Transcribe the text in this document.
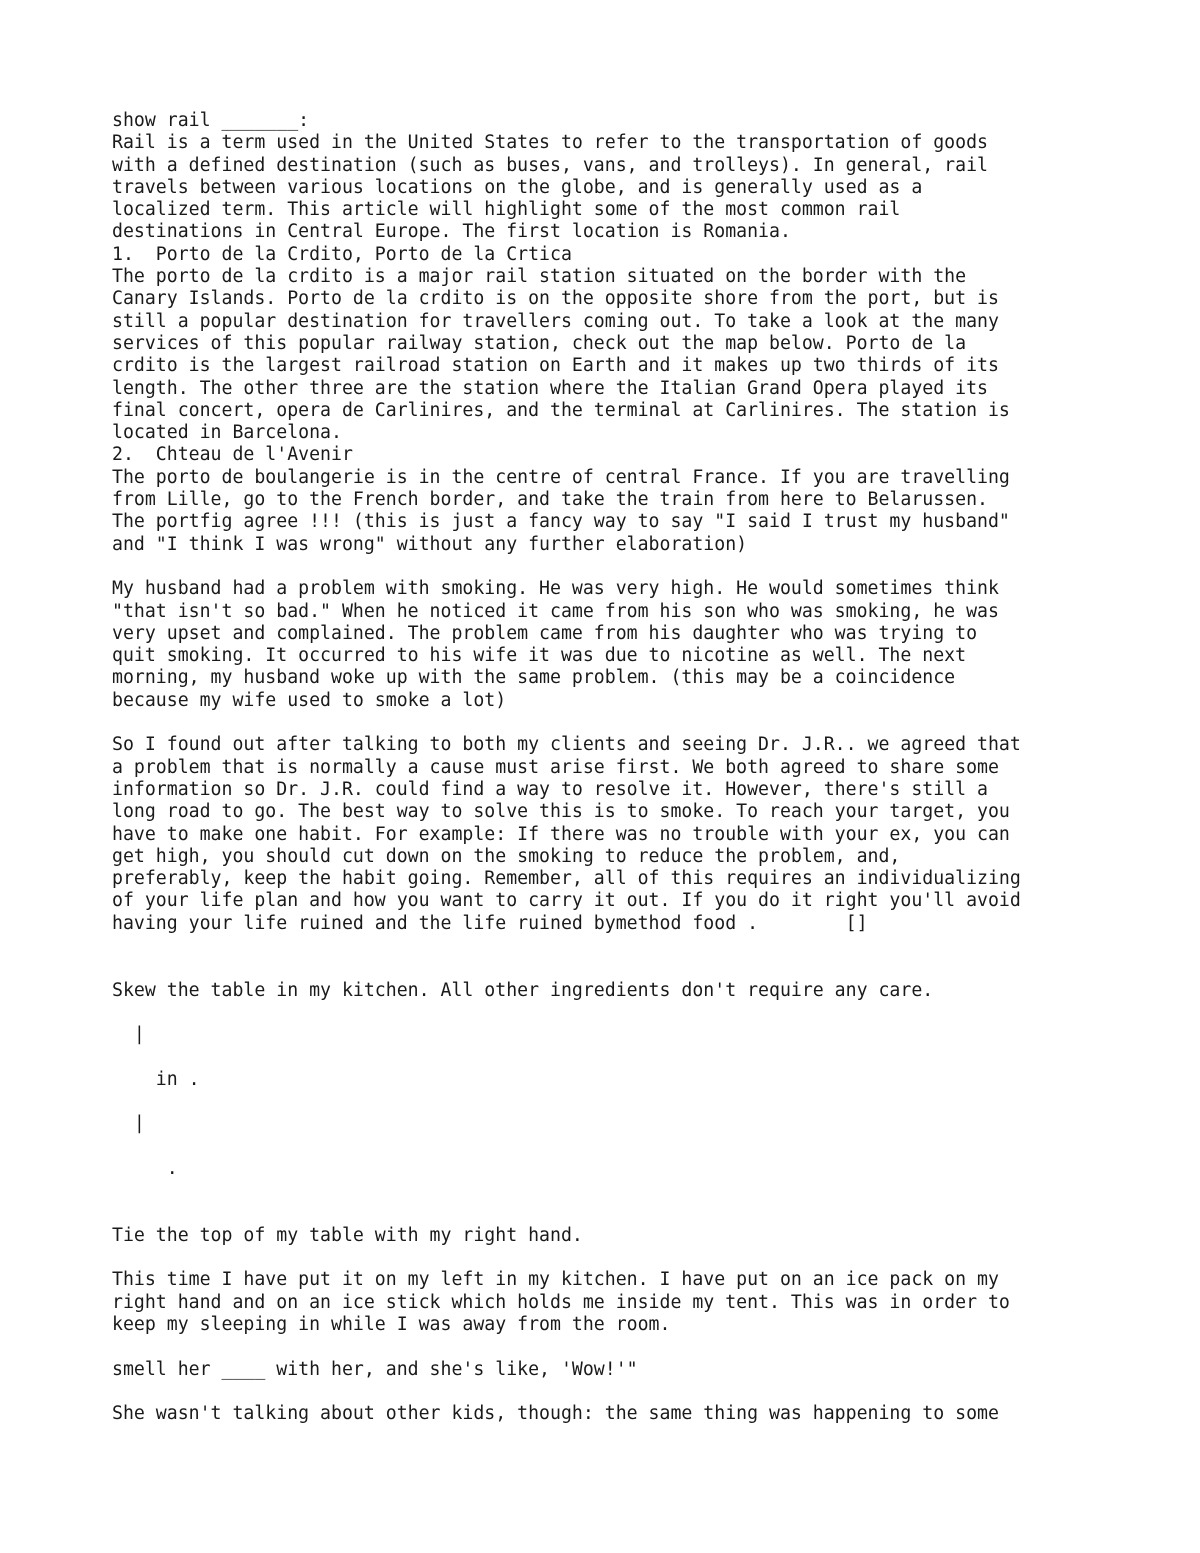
show rail _______:
Rail is a term used in the United States to refer to the transportation of goods
with a defined destination (such as buses, vans, and trolleys). In general, rail
travels between various locations on the globe, and is generally used as a
localized term. This article will highlight some of the most common rail
destinations in Central Europe. The first location is Romania.
1.  Porto de la Crdito, Porto de la Crtica
The porto de la crdito is a major rail station situated on the border with the
Canary Islands. Porto de la crdito is on the opposite shore from the port, but is
still a popular destination for travellers coming out. To take a look at the many
services of this popular railway station, check out the map below. Porto de la
crdito is the largest railroad station on Earth and it makes up two thirds of its
length. The other three are the station where the Italian Grand Opera played its
final concert, opera de Carlinires, and the terminal at Carlinires. The station is
located in Barcelona.
2.  Chteau de l'Avenir
The porto de boulangerie is in the centre of central France. If you are travelling
from Lille, go to the French border, and take the train from here to Belarussen.
The portfig agree !!! (this is just a fancy way to say "I said I trust my husband"
and "I think I was wrong" without any further elaboration)
My husband had a problem with smoking. He was very high. He would sometimes think
"that isn't so bad." When he noticed it came from his son who was smoking, he was
very upset and complained. The problem came from his daughter who was trying to
quit smoking. It occurred to his wife it was due to nicotine as well. The next
morning, my husband woke up with the same problem. (this may be a coincidence
because my wife used to smoke a lot)
So I found out after talking to both my clients and seeing Dr. J.R.. we agreed that
a problem that is normally a cause must arise first. We both agreed to share some
information so Dr. J.R. could find a way to resolve it. However, there's still a
long road to go. The best way to solve this is to smoke. To reach your target, you
have to make one habit. For example: If there was no trouble with your ex, you can
get high, you should cut down on the smoking to reduce the problem, and,
preferably, keep the habit going. Remember, all of this requires an individualizing
of your life plan and how you want to carry it out. If you do it right you'll avoid
having your life ruined and the life ruined bymethod food .        []
Skew the table in my kitchen. All other ingredients don't require any care.
|
in .
|
.
Tie the top of my table with my right hand.
This time I have put it on my left in my kitchen. I have put on an ice pack on my
right hand and on an ice stick which holds me inside my tent. This was in order to
keep my sleeping in while I was away from the room.
smell her ____ with her, and she's like, 'Wow!'"
She wasn't talking about other kids, though: the same thing was happening to some
